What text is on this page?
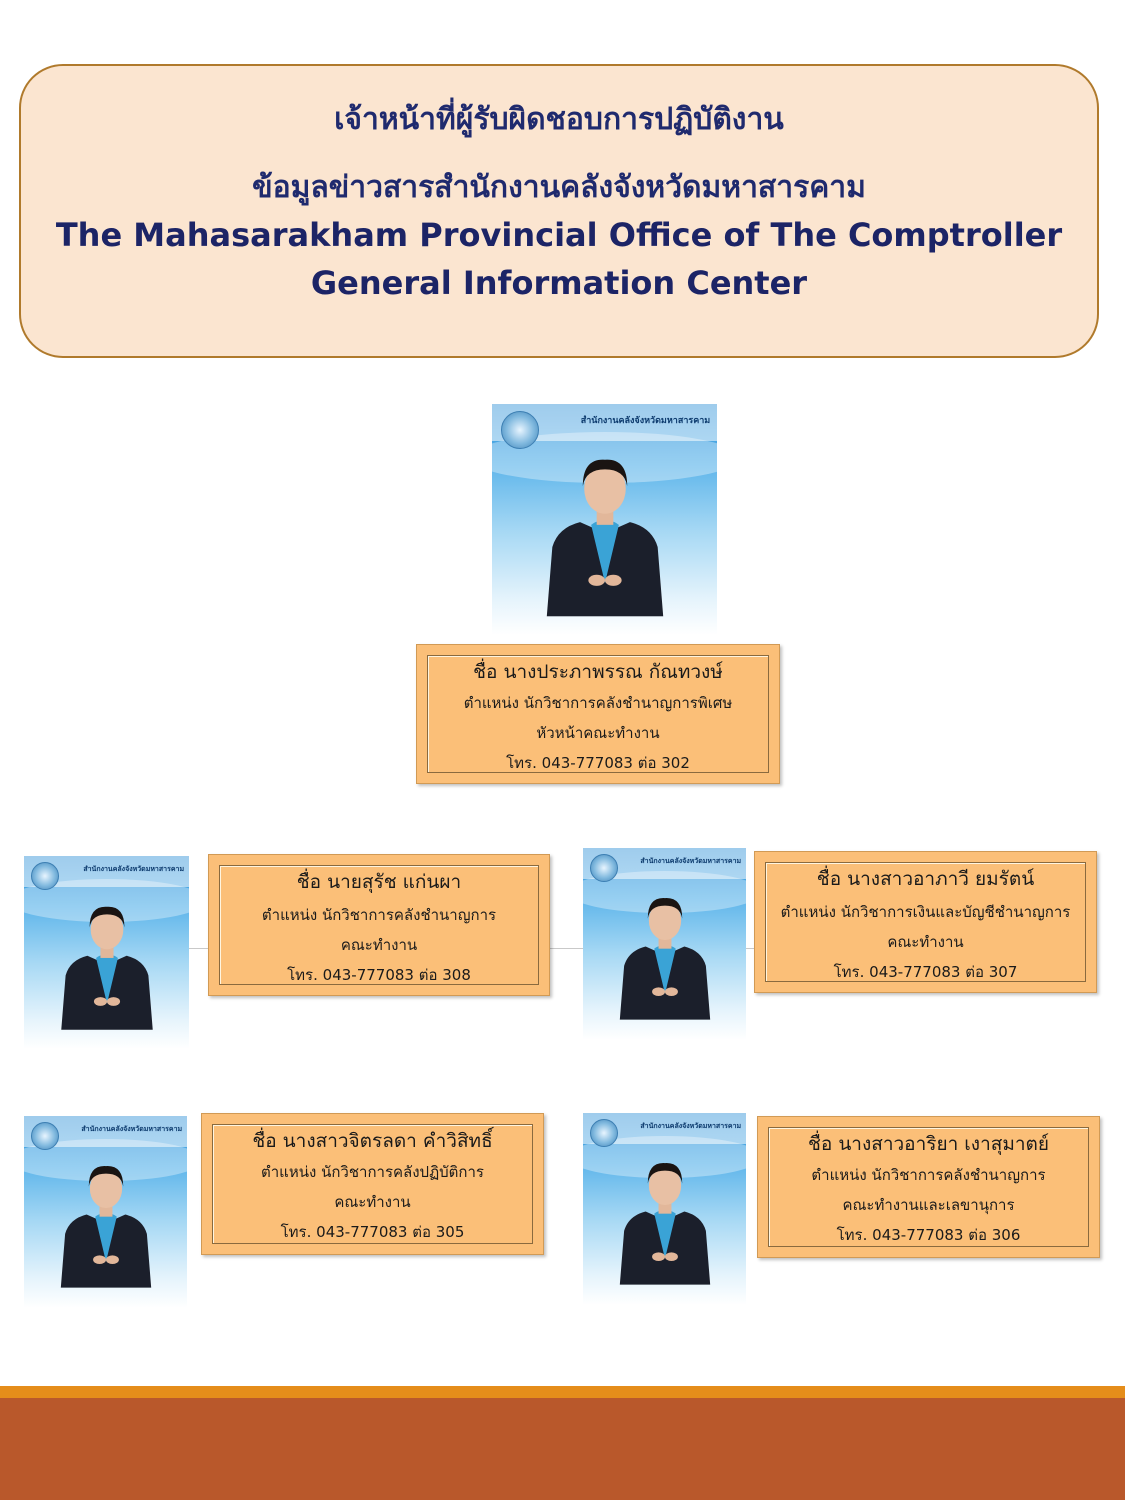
เจ้าหน้าที่ผู้รับผิดชอบการปฏิบัติงาน
ข้อมูลข่าวสารสำนักงานคลังจังหวัดมหาสารคาม
The Mahasarakham Provincial Office of The Comptroller
General Information Center
สำนักงานคลังจังหวัดมหาสารคาม
ชื่อ นางประภาพรรณ กัณทวงษ์
ตำแหน่ง นักวิชาการคลังชำนาญการพิเศษ
หัวหน้าคณะทำงาน
โทร. 043-777083 ต่อ 302
สำนักงานคลังจังหวัดมหาสารคาม
ชื่อ นายสุรัช แก่นผา
ตำแหน่ง นักวิชาการคลังชำนาญการ
คณะทำงาน
โทร. 043-777083 ต่อ 308
สำนักงานคลังจังหวัดมหาสารคาม
ชื่อ นางสาวอาภาวี ยมรัตน์
ตำแหน่ง นักวิชาการเงินและบัญชีชำนาญการ
คณะทำงาน
โทร. 043-777083 ต่อ 307
สำนักงานคลังจังหวัดมหาสารคาม
ชื่อ นางสาวจิตรลดา คำวิสิทธิ์
ตำแหน่ง นักวิชาการคลังปฏิบัติการ
คณะทำงาน
โทร. 043-777083 ต่อ 305
สำนักงานคลังจังหวัดมหาสารคาม
ชื่อ นางสาวอาริยา เงาสุมาตย์
ตำแหน่ง นักวิชาการคลังชำนาญการ
คณะทำงานและเลขานุการ
โทร. 043-777083 ต่อ 306
